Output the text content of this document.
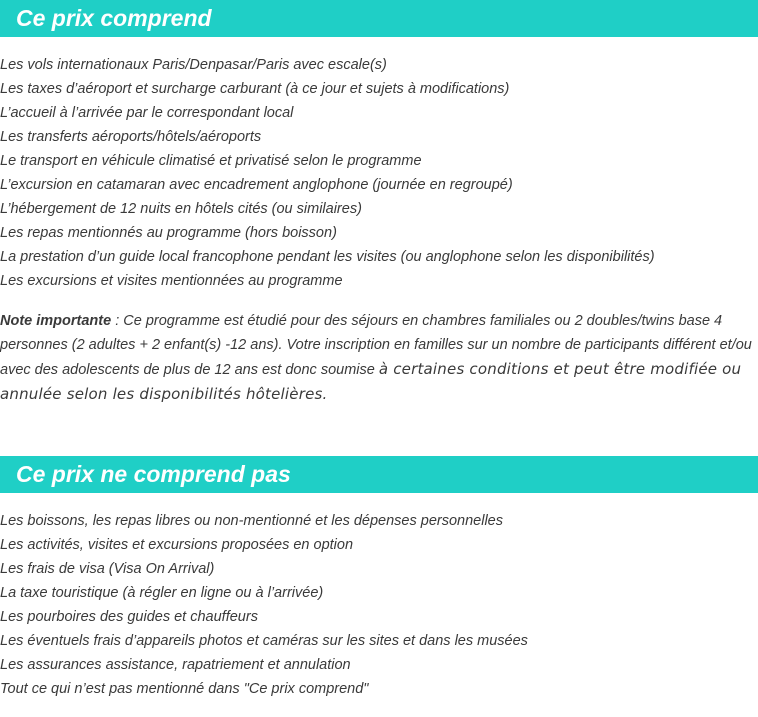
Ce prix comprend
Les vols internationaux Paris/Denpasar/Paris avec escale(s)
Les taxes d’aéroport et surcharge carburant (à ce jour et sujets à modifications)
L’accueil à l’arrivée par le correspondant local
Les transferts aéroports/hôtels/aéroports
Le transport en véhicule climatisé et privatisé selon le programme
L’excursion en catamaran avec encadrement anglophone (journée en regroupé)
L’hébergement de 12 nuits en hôtels cités (ou similaires)
Les repas mentionnés au programme (hors boisson)
La prestation d’un guide local francophone pendant les visites (ou anglophone selon les disponibilités)
Les excursions et visites mentionnées au programme

Note importante : Ce programme est étudié pour des séjours en chambres familiales ou 2 doubles/twins base 4 personnes (2 adultes + 2 enfant(s) -12 ans). Votre inscription en familles sur un nombre de participants différent et/ou avec des adolescents de plus de 12 ans est donc soumise à certaines conditions et peut être modifiée ou annulée selon les disponibilités hôtelières.

Ce prix ne comprend pas
Les boissons, les repas libres ou non-mentionné et les dépenses personnelles
Les activités, visites et excursions proposées en option
Les frais de visa (Visa On Arrival)
La taxe touristique (à régler en ligne ou à l’arrivée)
Les pourboires des guides et chauffeurs
Les éventuels frais d’appareils photos et caméras sur les sites et dans les musées
Les assurances assistance, rapatriement et annulation
Tout ce qui n’est pas mentionné dans "Ce prix comprend"
